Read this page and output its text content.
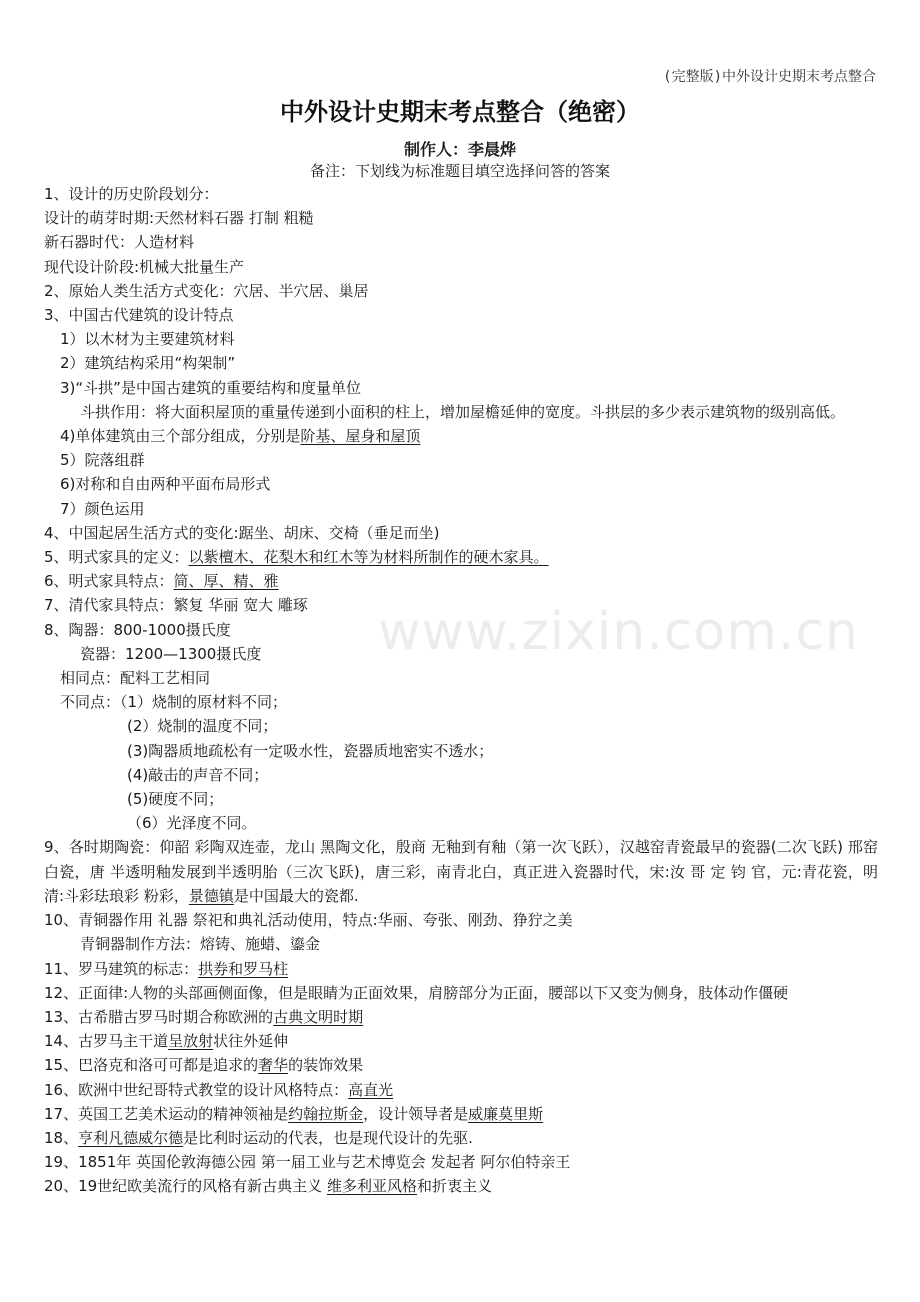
(完整版)中外设计史期末考点整合
中外设计史期末考点整合（绝密）
制作人：李晨烨
备注：下划线为标准题目填空选择问答的答案
www.zixin.com.cn
1、设计的历史阶段划分：
设计的萌芽时期:天然材料石器 打制 粗糙
新石器时代：人造材料
现代设计阶段:机械大批量生产
2、原始人类生活方式变化：穴居、半穴居、巢居
3、中国古代建筑的设计特点
1）以木材为主要建筑材料
2）建筑结构采用“构架制”
3)“斗拱”是中国古建筑的重要结构和度量单位
斗拱作用：将大面积屋顶的重量传递到小面积的柱上，增加屋檐延伸的宽度。斗拱层的多少表示建筑物的级别高低。
4)单体建筑由三个部分组成，分别是阶基、屋身和屋顶
5）院落组群
6)对称和自由两种平面布局形式
7）颜色运用
4、中国起居生活方式的变化:踞坐、胡床、交椅（垂足而坐)
5、明式家具的定义：以紫檀木、花梨木和红木等为材料所制作的硬木家具。
6、明式家具特点：简、厚、精、雅
7、清代家具特点：繁复 华丽 宽大 雕琢
8、陶器：800-1000摄氏度
瓷器：1200—1300摄氏度
相同点：配料工艺相同
不同点：（1）烧制的原材料不同；
(2）烧制的温度不同；
(3)陶器质地疏松有一定吸水性，瓷器质地密实不透水；
(4)敲击的声音不同；
(5)硬度不同；
（6）光泽度不同。
9、各时期陶瓷：仰韶 彩陶双连壶，龙山 黑陶文化，殷商 无釉到有釉（第一次飞跃），汉越窑青瓷最早的瓷器(二次飞跃) 邢窑白瓷，唐 半透明釉发展到半透明胎（三次飞跃)，唐三彩，南青北白，真正进入瓷器时代，宋:汝 哥 定 钧 官，元:青花瓷，明清:斗彩珐琅彩 粉彩，景德镇是中国最大的瓷都.
10、青铜器作用 礼器 祭祀和典礼活动使用，特点:华丽、夸张、刚劲、狰狞之美
青铜器制作方法：熔铸、施蜡、鎏金
11、罗马建筑的标志：拱券和罗马柱
12、正面律:人物的头部画侧面像，但是眼睛为正面效果，肩膀部分为正面，腰部以下又变为侧身，肢体动作僵硬
13、古希腊古罗马时期合称欧洲的古典文明时期
14、古罗马主干道呈放射状往外延伸
15、巴洛克和洛可可都是追求的奢华的装饰效果
16、欧洲中世纪哥特式教堂的设计风格特点：高直光
17、英国工艺美术运动的精神领袖是约翰拉斯金，设计领导者是威廉莫里斯
18、亨利凡德威尔德是比利时运动的代表，也是现代设计的先驱.
19、1851年 英国伦敦海德公园 第一届工业与艺术博览会 发起者 阿尔伯特亲王
20、19世纪欧美流行的风格有新古典主义 维多利亚风格和折衷主义
